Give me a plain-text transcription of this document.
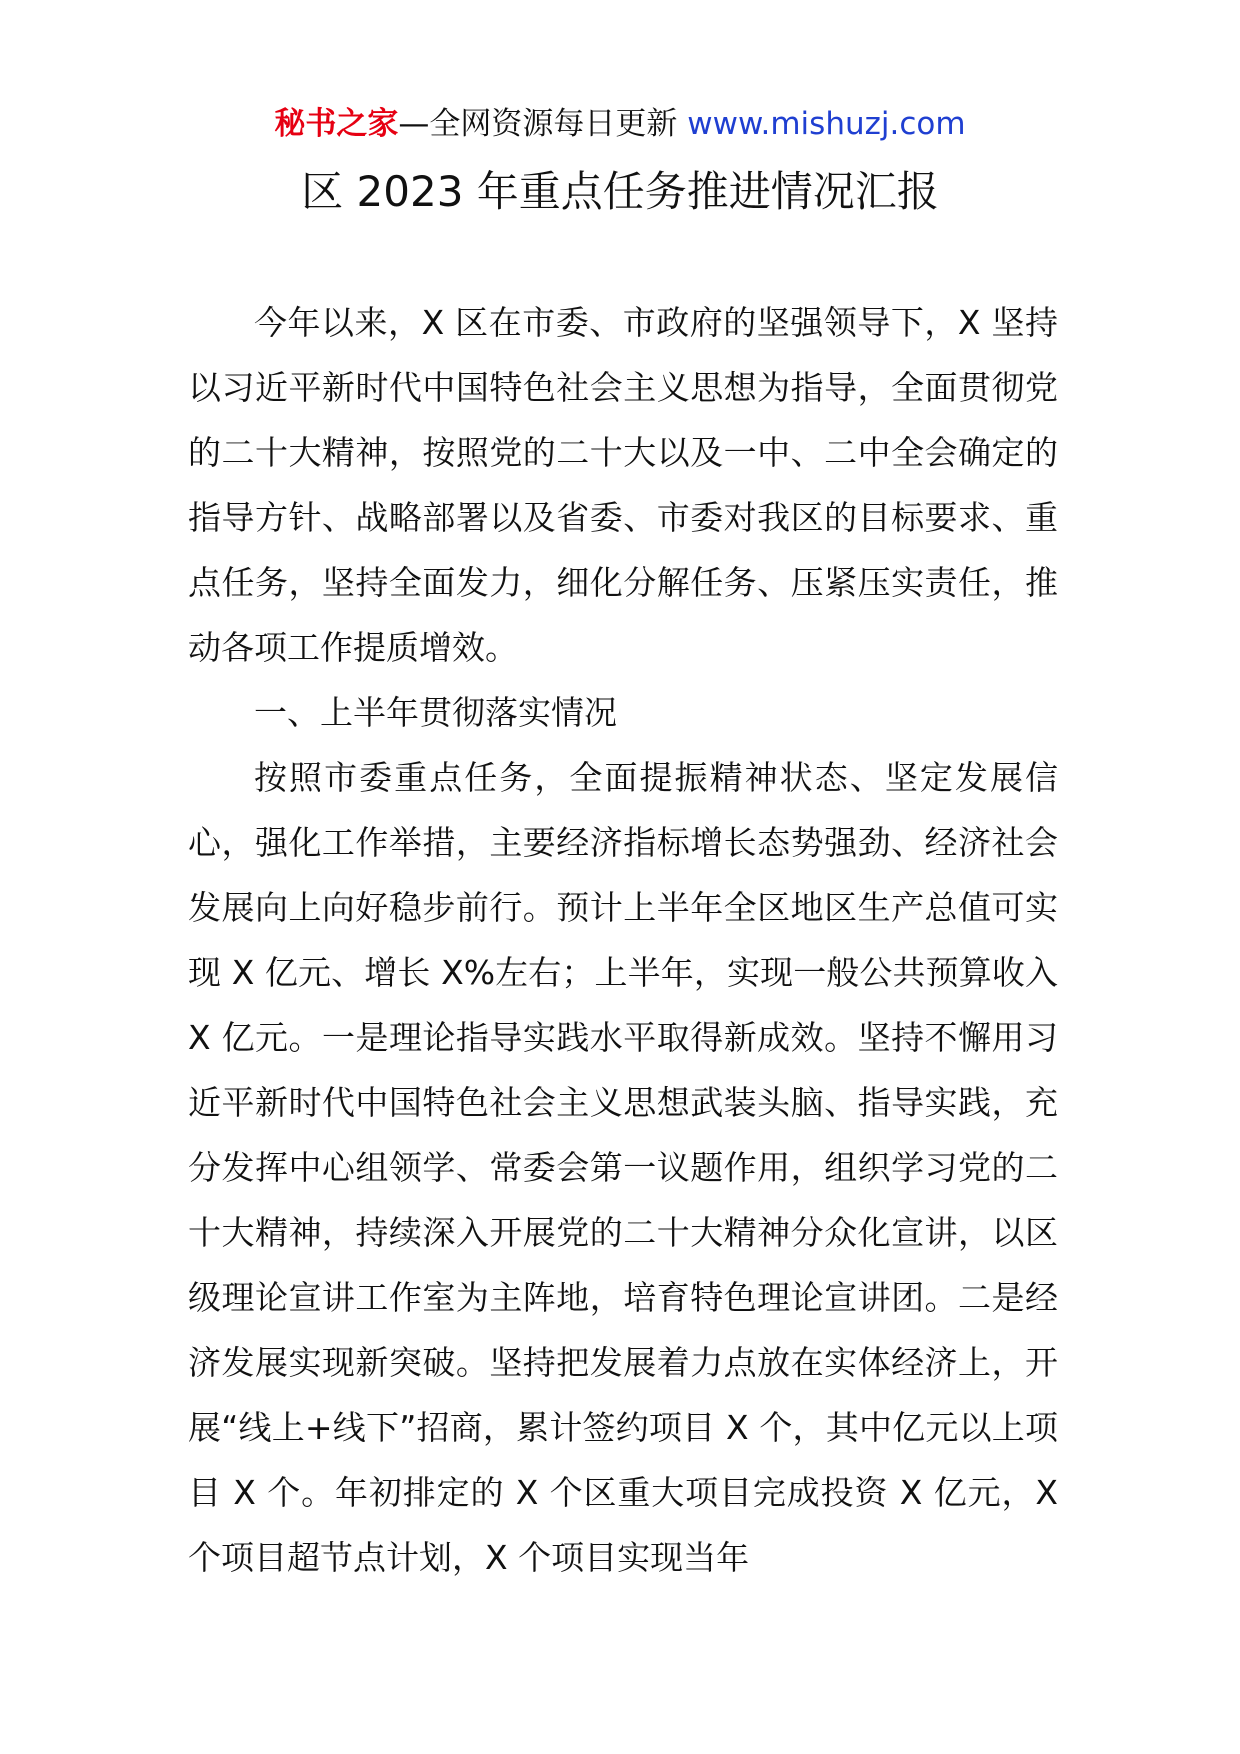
秘书之家—全网资源每日更新 www.mishuzj.com
区 2023 年重点任务推进情况汇报

今年以来，X 区在市委、市政府的坚强领导下，X 坚持以习近平新时代中国特色社会主义思想为指导，全面贯彻党的二十大精神，按照党的二十大以及一中、二中全会确定的指导方针、战略部署以及省委、市委对我区的目标要求、重点任务，坚持全面发力，细化分解任务、压紧压实责任，推动各项工作提质增效。

一、上半年贯彻落实情况

按照市委重点任务，全面提振精神状态、坚定发展信心，强化工作举措，主要经济指标增长态势强劲、经济社会发展向上向好稳步前行。预计上半年全区地区生产总值可实现 X 亿元、增长 X%左右；上半年，实现一般公共预算收入 X 亿元。一是理论指导实践水平取得新成效。坚持不懈用习近平新时代中国特色社会主义思想武装头脑、指导实践，充分发挥中心组领学、常委会第一议题作用，组织学习党的二十大精神，持续深入开展党的二十大精神分众化宣讲，以区级理论宣讲工作室为主阵地，培育特色理论宣讲团。二是经济发展实现新突破。坚持把发展着力点放在实体经济上，开展“线上+线下”招商，累计签约项目 X 个，其中亿元以上项目 X 个。年初排定的 X 个区重大项目完成投资 X 亿元，X 个项目超节点计划，X 个项目实现当年
